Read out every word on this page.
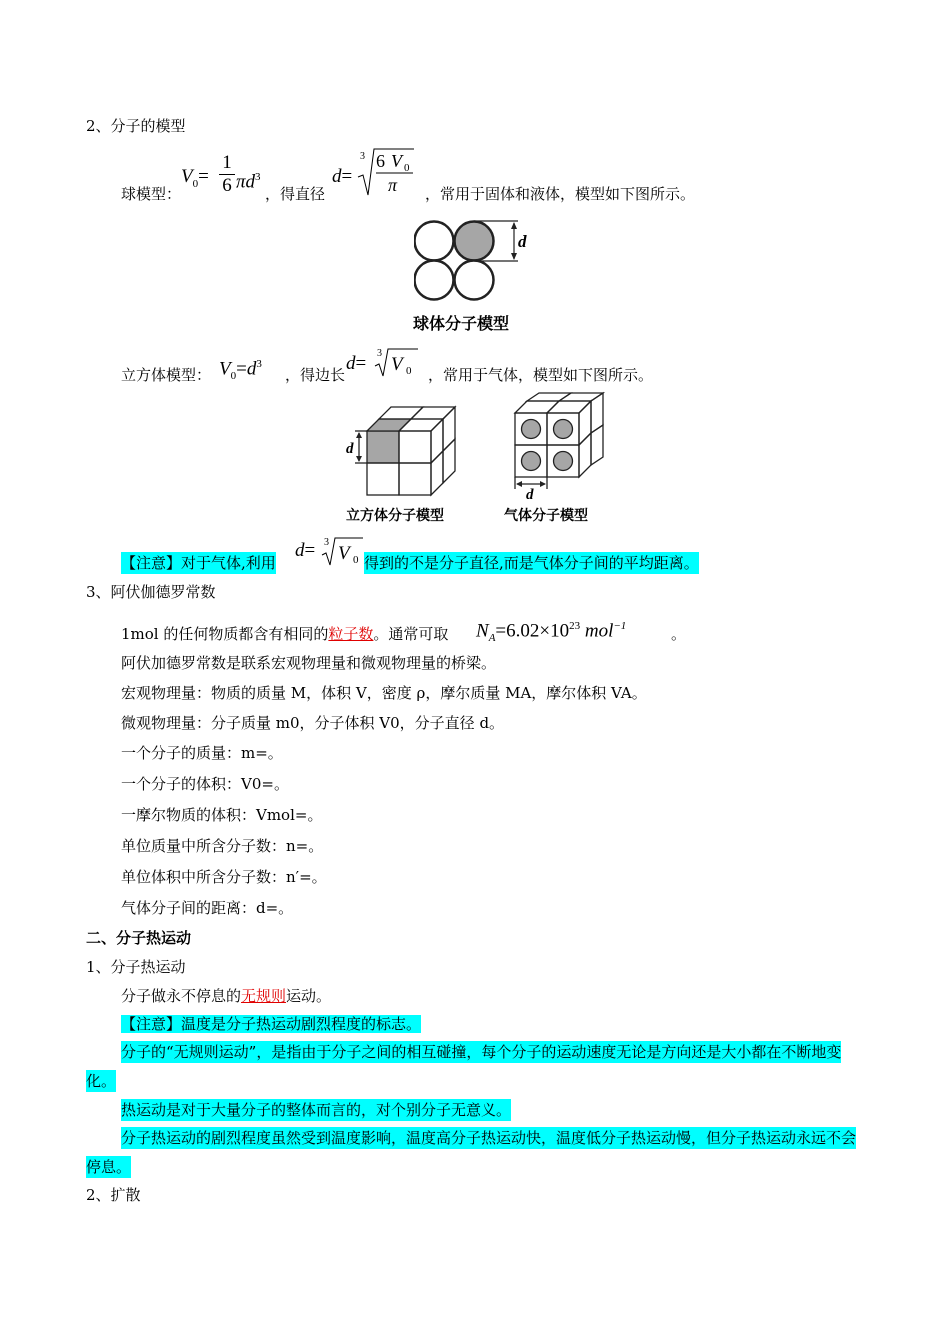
2、分子的模型
球模型：
$V_0=$
1
6 $\pi d^3$
，得直径
d=
3 6 V 0
π ，常用于固体和液体，模型如下图所示。
d
球体分子模型
立方体模型： $V_0=d^3$
，得边长
d= 3
V 0 ，常用于气体，模型如下图所示。
d
d
立方体分子模型	气体分子模型
【注意】对于气体,利用
d= 3
V 0 得到的不是分子直径,而是气体分子间的平均距离。
3、阿伏伽德罗常数
1mol 的任何物质都含有相同的粒子数。通常可取 $N_A=6.02\times 10^{23}$ mol$^{-1}$	。
阿伏加德罗常数是联系宏观物理量和微观物理量的桥梁。
宏观物理量：物质的质量 M，体积 V，密度 ρ，摩尔质量 MA，摩尔体积 VA。
微观物理量：分子质量 m0，分子体积 V0，分子直径 d。
一个分子的质量：m=。
一个分子的体积：V0=。
一摩尔物质的体积：Vmol=。
单位质量中所含分子数：n=。
单位体积中所含分子数：n′=。
气体分子间的距离：d=。
二、分子热运动
1、分子热运动
分子做永不停息的无规则运动。
【注意】温度是分子热运动剧烈程度的标志。
分子的“无规则运动”，是指由于分子之间的相互碰撞，每个分子的运动速度无论是方向还是大小都在不断地变化。
热运动是对于大量分子的整体而言的，对个别分子无意义。
分子热运动的剧烈程度虽然受到温度影响，温度高分子热运动快，温度低分子热运动慢，但分子热运动永远不会停息。
2、扩散
